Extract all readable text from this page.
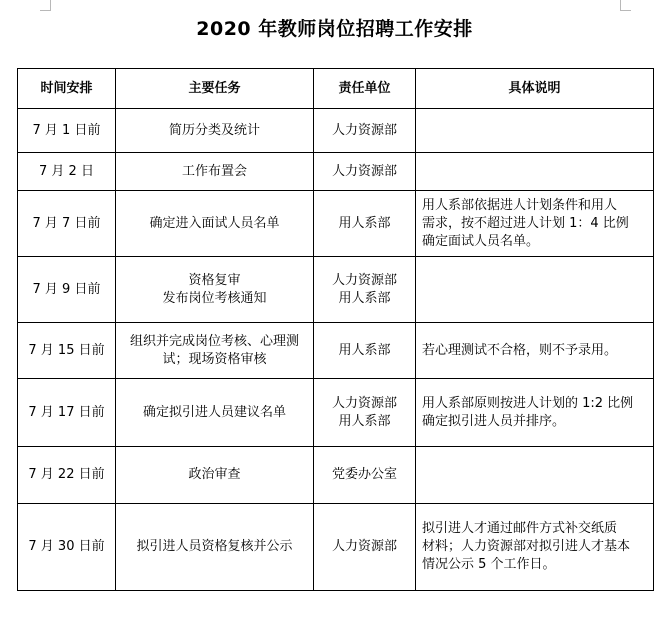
2020 年教师岗位招聘工作安排
时间安排	主要任务	责任单位	具体说明
7 月 1 日前	简历分类及统计	人力资源部	

7 月 2 日	工作布置会	人力资源部	

7 月 7 日前	确定进入面试人员名单	用人系部	用人系部依据进人计划条件和用人
需求，按不超过进人计划 1：4 比例
确定面试人员名单。

7 月 9 日前	资格复审
发布岗位考核通知	人力资源部
用人系部	

7 月 15 日前	组织并完成岗位考核、心理测
试；现场资格审核	用人系部	若心理测试不合格，则不予录用。

7 月 17 日前	确定拟引进人员建议名单	人力资源部
用人系部	用人系部原则按进人计划的 1:2 比例
确定拟引进人员并排序。

7 月 22 日前	政治审查	党委办公室	

7 月 30 日前	拟引进人员资格复核并公示	人力资源部	拟引进人才通过邮件方式补交纸质
材料；人力资源部对拟引进人才基本
情况公示 5 个工作日。
